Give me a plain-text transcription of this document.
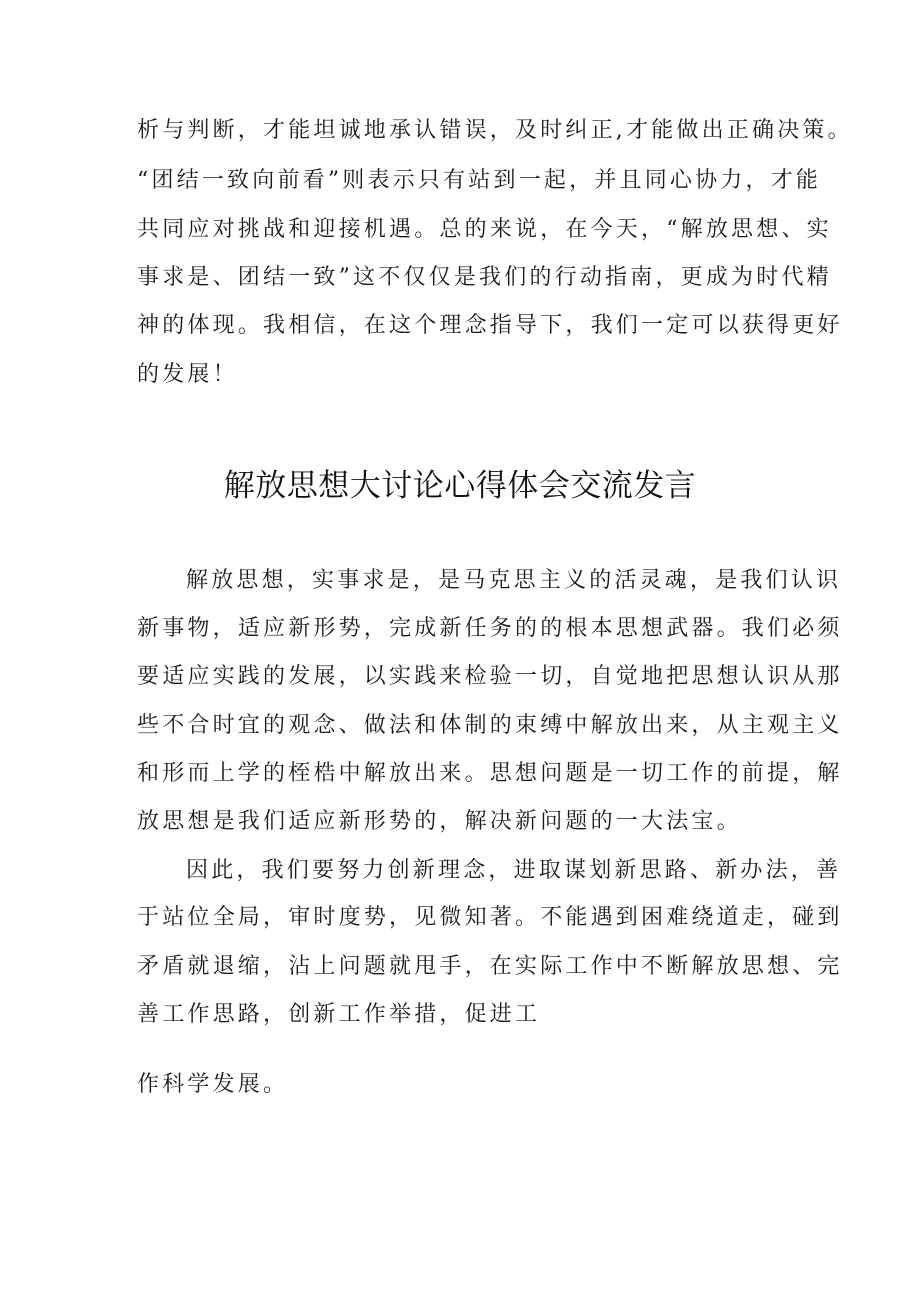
析与判断，才能坦诚地承认错误，及时纠正,才能做出正确决策。
“团结一致向前看”则表示只有站到一起，并且同心协力，才能
共同应对挑战和迎接机遇。总的来说，在今天，“解放思想、实
事求是、团结一致”这不仅仅是我们的行动指南，更成为时代精
神的体现。我相信，在这个理念指导下，我们一定可以获得更好
的发展！
解放思想大讨论心得体会交流发言
解放思想，实事求是，是马克思主义的活灵魂，是我们认识
新事物，适应新形势，完成新任务的的根本思想武器。我们必须
要适应实践的发展，以实践来检验一切，自觉地把思想认识从那
些不合时宜的观念、做法和体制的束缚中解放出来，从主观主义
和形而上学的桎梏中解放出来。思想问题是一切工作的前提，解
放思想是我们适应新形势的，解决新问题的一大法宝。
因此，我们要努力创新理念，进取谋划新思路、新办法，善
于站位全局，审时度势，见微知著。不能遇到困难绕道走，碰到
矛盾就退缩，沾上问题就甩手，在实际工作中不断解放思想、完
善工作思路，创新工作举措，促进工
作科学发展。
